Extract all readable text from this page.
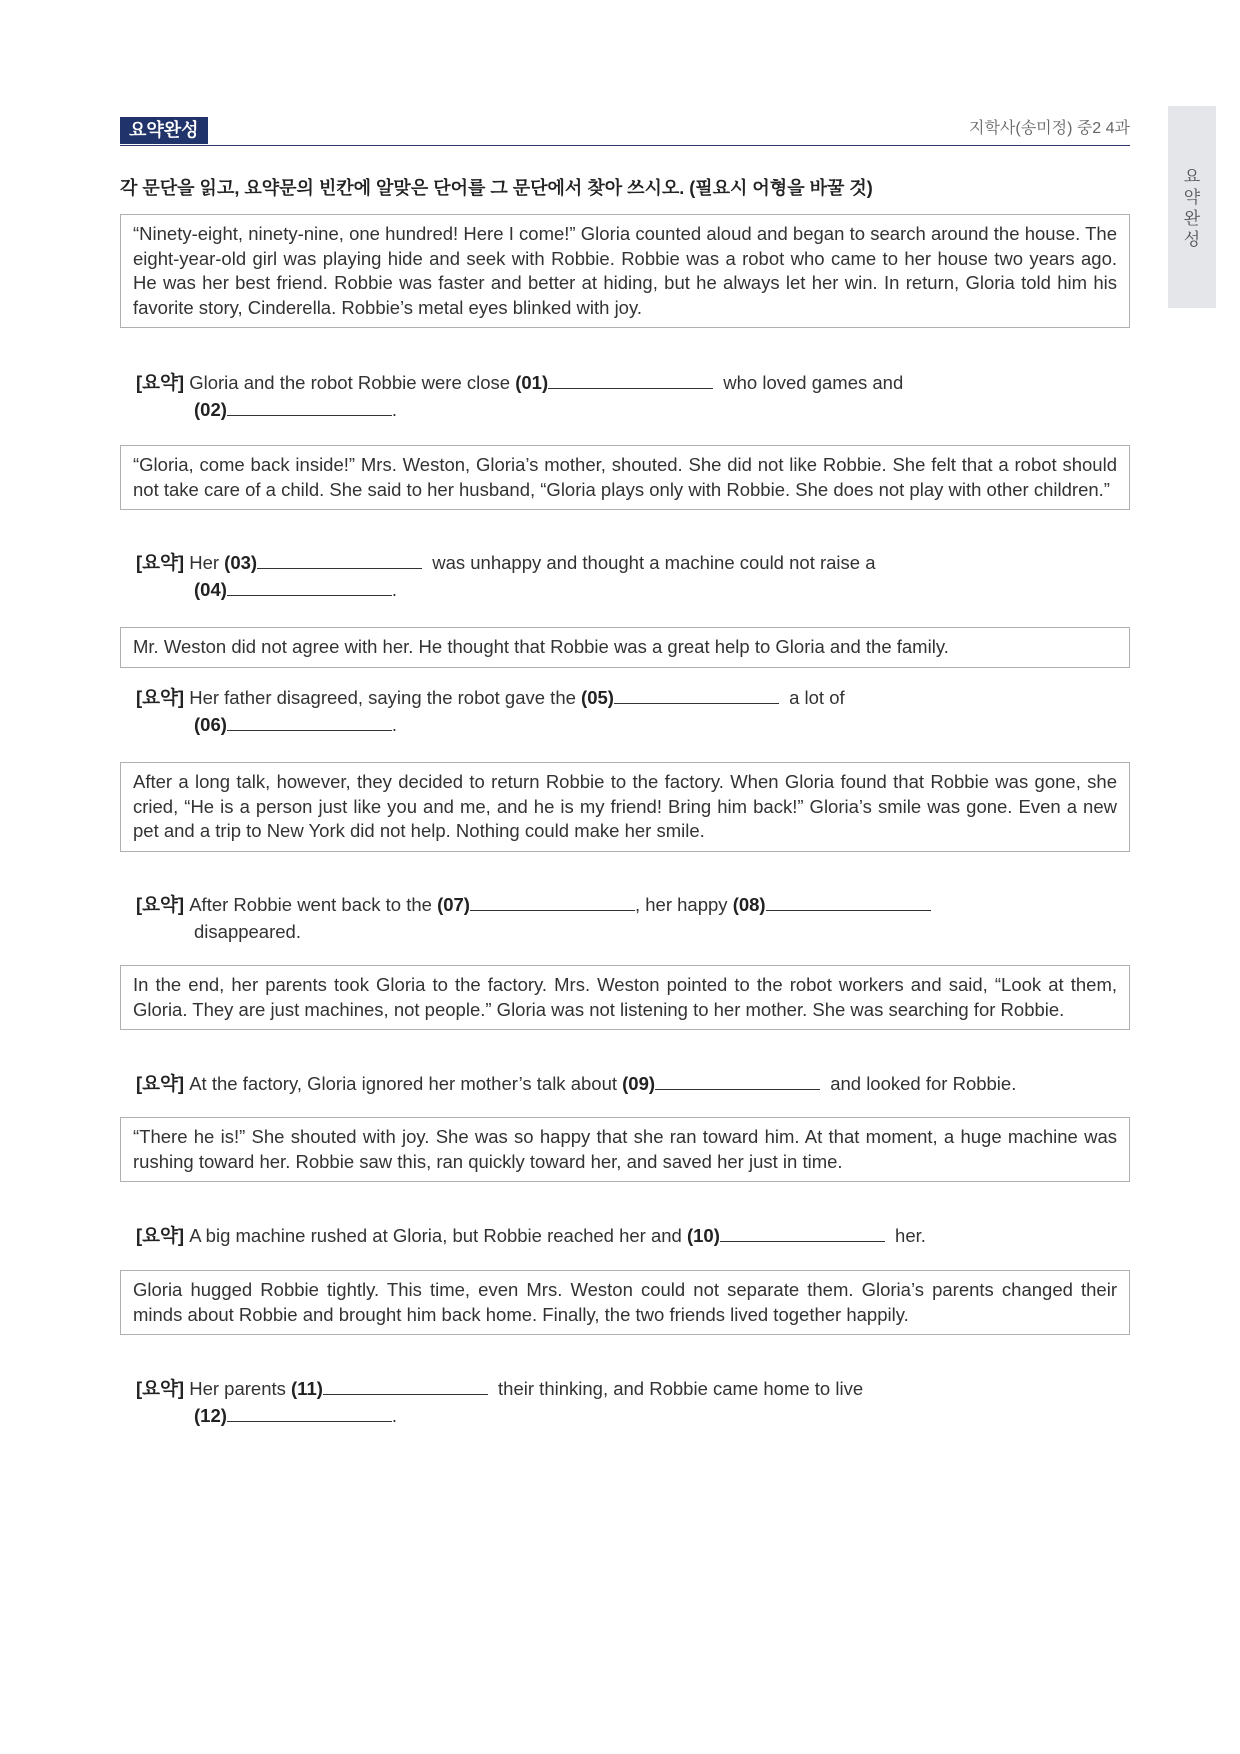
요약완성	지학사(송미정) 중2 4과
요
약
완
성
각 문단을 읽고, 요약문의 빈칸에 알맞은 단어를 그 문단에서 찾아 쓰시오. (필요시 어형을 바꿀 것)
“Ninety-eight, ninety-nine, one hundred! Here I come!” Gloria counted aloud and began to search around the house. The eight-year-old girl was playing hide and seek with Robbie. Robbie was a robot who came to her house two years ago. He was her best friend. Robbie was faster and better at hiding, but he always let her win. In return, Gloria told him his favorite story, Cinderella. Robbie’s metal eyes blinked with joy.
[요약] Gloria and the robot Robbie were close (01)	who loved games and
(02)	.
“Gloria, come back inside!” Mrs. Weston, Gloria’s mother, shouted. She did not like Robbie. She felt that a robot should not take care of a child. She said to her husband, “Gloria plays only with Robbie. She does not play with other children.”
[요약] Her (03)	was unhappy and thought a machine could not raise a
(04)	.
Mr. Weston did not agree with her. He thought that Robbie was a great help to Gloria and the family.
[요약] Her father disagreed, saying the robot gave the (05)	a lot of
(06)	.
After a long talk, however, they decided to return Robbie to the factory. When Gloria found that Robbie was gone, she cried, “He is a person just like you and me, and he is my friend! Bring him back!” Gloria’s smile was gone. Even a new pet and a trip to New York did not help. Nothing could make her smile.
[요약] After Robbie went back to the (07)	, her happy (08)
disappeared.
In the end, her parents took Gloria to the factory. Mrs. Weston pointed to the robot workers and said, “Look at them, Gloria. They are just machines, not people.” Gloria was not listening to her mother. She was searching for Robbie.
[요약] At the factory, Gloria ignored her mother’s talk about (09)	and looked for Robbie.
“There he is!” She shouted with joy. She was so happy that she ran toward him. At that moment, a huge machine was rushing toward her. Robbie saw this, ran quickly toward her, and saved her just in time.
[요약] A big machine rushed at Gloria, but Robbie reached her and (10)	her.
Gloria hugged Robbie tightly. This time, even Mrs. Weston could not separate them. Gloria’s parents changed their minds about Robbie and brought him back home. Finally, the two friends lived together happily.
[요약] Her parents (11)	their thinking, and Robbie came home to live
(12)	.
